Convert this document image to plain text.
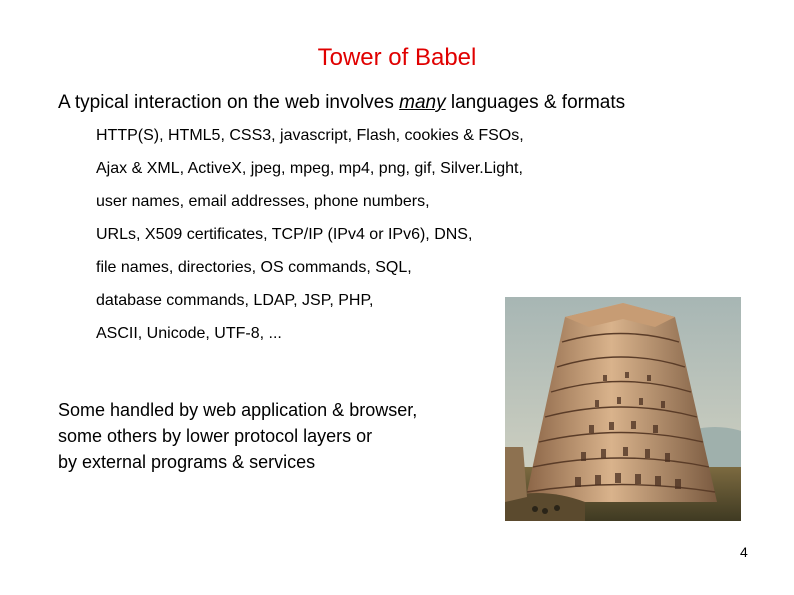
Tower of Babel
A typical interaction on the web involves many languages & formats
HTTP(S), HTML5, CSS3, javascript, Flash, cookies & FSOs,
Ajax & XML, ActiveX, jpeg, mpeg, mp4, png, gif, Silver.Light,
user names, email addresses, phone numbers,
URLs, X509 certificates, TCP/IP (IPv4 or IPv6), DNS,
file names, directories, OS commands, SQL,
database commands, LDAP, JSP, PHP,
ASCII, Unicode, UTF-8, ...
Some handled by web application & browser,
some others by lower protocol layers or
by external programs & services
4
